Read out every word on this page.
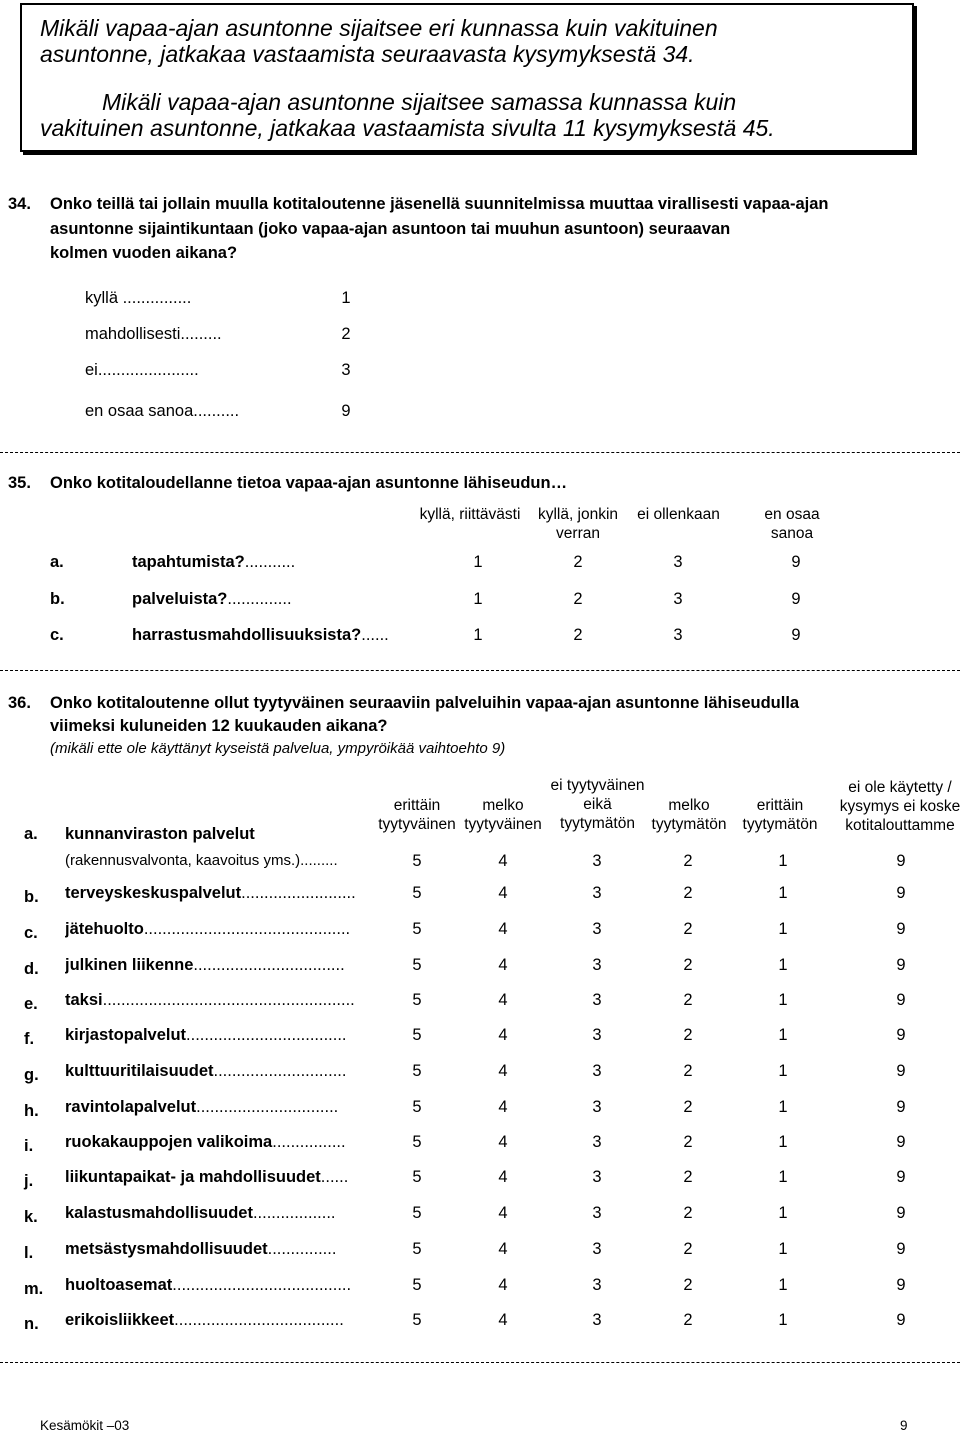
Mikäli vapaa-ajan asuntonne sijaitsee eri kunnassa kuin vakituinen

asuntonne, jatkakaa vastaamista seuraavasta kysymyksestä 34.

Mikäli vapaa-ajan asuntonne sijaitsee samassa kunnassa kuin

vakituinen asuntonne, jatkakaa vastaamista sivulta 11 kysymyksestä 45.

34. Onko teillä tai jollain muulla kotitaloutenne jäsenellä suunnitelmissa muuttaa virallisesti vapaa-ajan
asuntonne sijaintikuntaan (joko vapaa-ajan asuntoon tai muuhun asuntoon) seuraavan
kolmen vuoden aikana?
kyllä ...............	1
mahdollisesti.........	2
ei......................	3
en osaa sanoa..........	9
35. Onko kotitaloudellanne tietoa vapaa-ajan asuntonne lähiseudun…
kyllä, riittävästi	kyllä, jonkin verran
ei ollenkaan	en osaa sanoa
a.	tapahtumista?...........	1	2	3	9
b.	palveluista?..............	1	2	3	9
c.	harrastusmahdollisuuksista?......	1	2	3	9
36. Onko kotitaloutenne ollut tyytyväinen seuraaviin palveluihin vapaa-ajan asuntonne lähiseudulla
viimeksi kuluneiden 12 kuukauden aikana?
(mikäli ette ole käyttänyt kyseistä palvelua, ympyröikää vaihtoehto 9)
erittäin tyytyväinen
melko tyytyväinen
ei tyytyväinen eikä tyytymätön
melko tyytymätön
erittäin tyytymätön
ei ole käytetty / kysymys ei koske kotitalouttamme
a. kunnanviraston palvelut
(rakennusvalvonta, kaavoitus yms.).........	5	4	3	2	1	9
b. terveyskeskuspalvelut.........................	5	4	3	2	1	9
c. jätehuolto.............................................	5	4	3	2	1	9
d. julkinen liikenne.................................	5	4	3	2	1	9
e. taksi.......................................................	5	4	3	2	1	9
f. kirjastopalvelut...................................	5	4	3	2	1	9
g. kulttuuritilaisuudet.............................	5	4	3	2	1	9
h. ravintolapalvelut...............................	5	4	3	2	1	9
i. ruokakauppojen valikoima................	5	4	3	2	1	9
j. liikuntapaikat- ja mahdollisuudet......	5	4	3	2	1	9
k. kalastusmahdollisuudet..................	5	4	3	2	1	9
l. metsästysmahdollisuudet...............	5	4	3	2	1	9
m. huoltoasemat.......................................	5	4	3	2	1	9
n. erikoisliikkeet.....................................	5	4	3	2	1	9
Kesämökit –03	9
